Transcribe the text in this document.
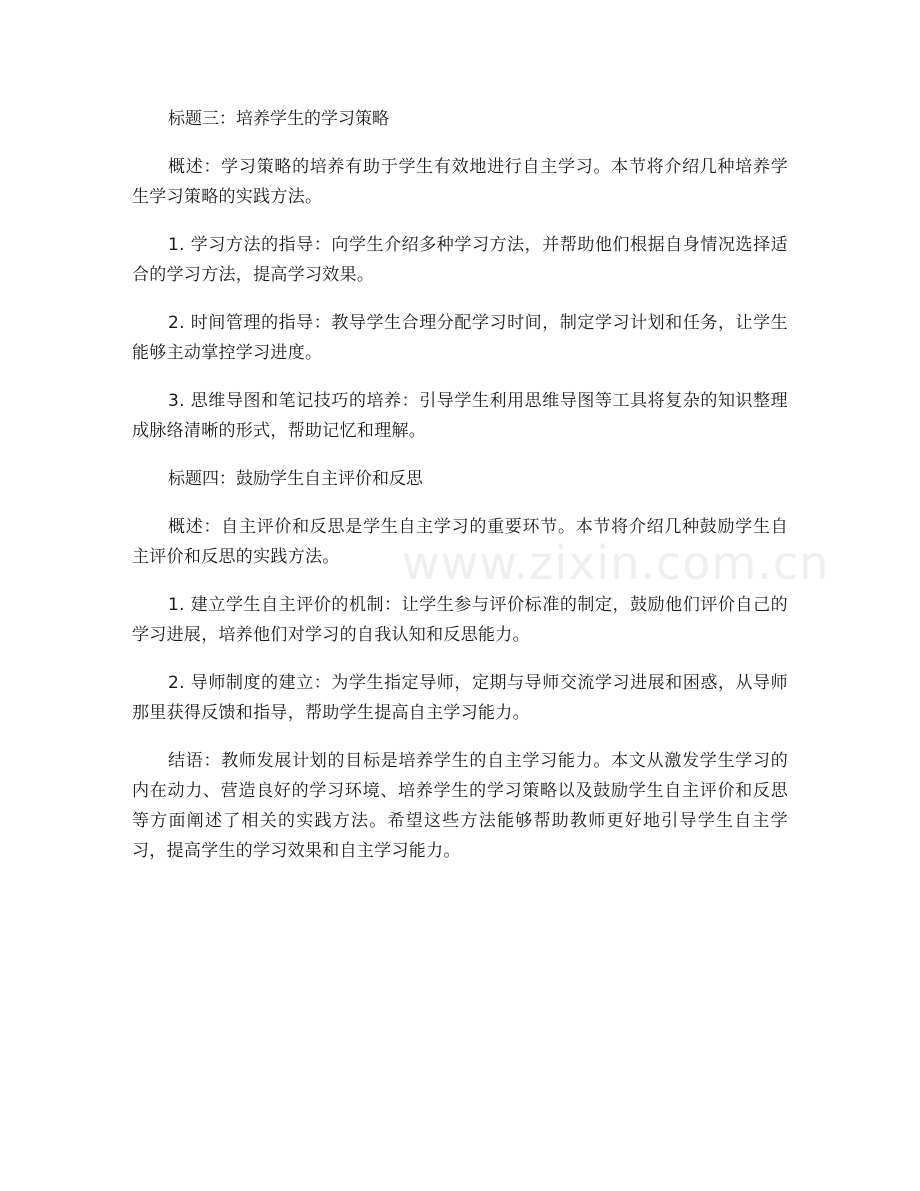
标题三：培养学生的学习策略

概述：学习策略的培养有助于学生有效地进行自主学习。本节将介绍几种培养学生学习策略的实践方法。

1. 学习方法的指导：向学生介绍多种学习方法，并帮助他们根据自身情况选择适合的学习方法，提高学习效果。

2. 时间管理的指导：教导学生合理分配学习时间，制定学习计划和任务，让学生能够主动掌控学习进度。

3. 思维导图和笔记技巧的培养：引导学生利用思维导图等工具将复杂的知识整理成脉络清晰的形式，帮助记忆和理解。

标题四：鼓励学生自主评价和反思

概述：自主评价和反思是学生自主学习的重要环节。本节将介绍几种鼓励学生自主评价和反思的实践方法。

1. 建立学生自主评价的机制：让学生参与评价标准的制定，鼓励他们评价自己的学习进展，培养他们对学习的自我认知和反思能力。

2. 导师制度的建立：为学生指定导师，定期与导师交流学习进展和困惑，从导师那里获得反馈和指导，帮助学生提高自主学习能力。

结语：教师发展计划的目标是培养学生的自主学习能力。本文从激发学生学习的内在动力、营造良好的学习环境、培养学生的学习策略以及鼓励学生自主评价和反思等方面阐述了相关的实践方法。希望这些方法能够帮助教师更好地引导学生自主学习，提高学生的学习效果和自主学习能力。

www.zixin.com.cn
